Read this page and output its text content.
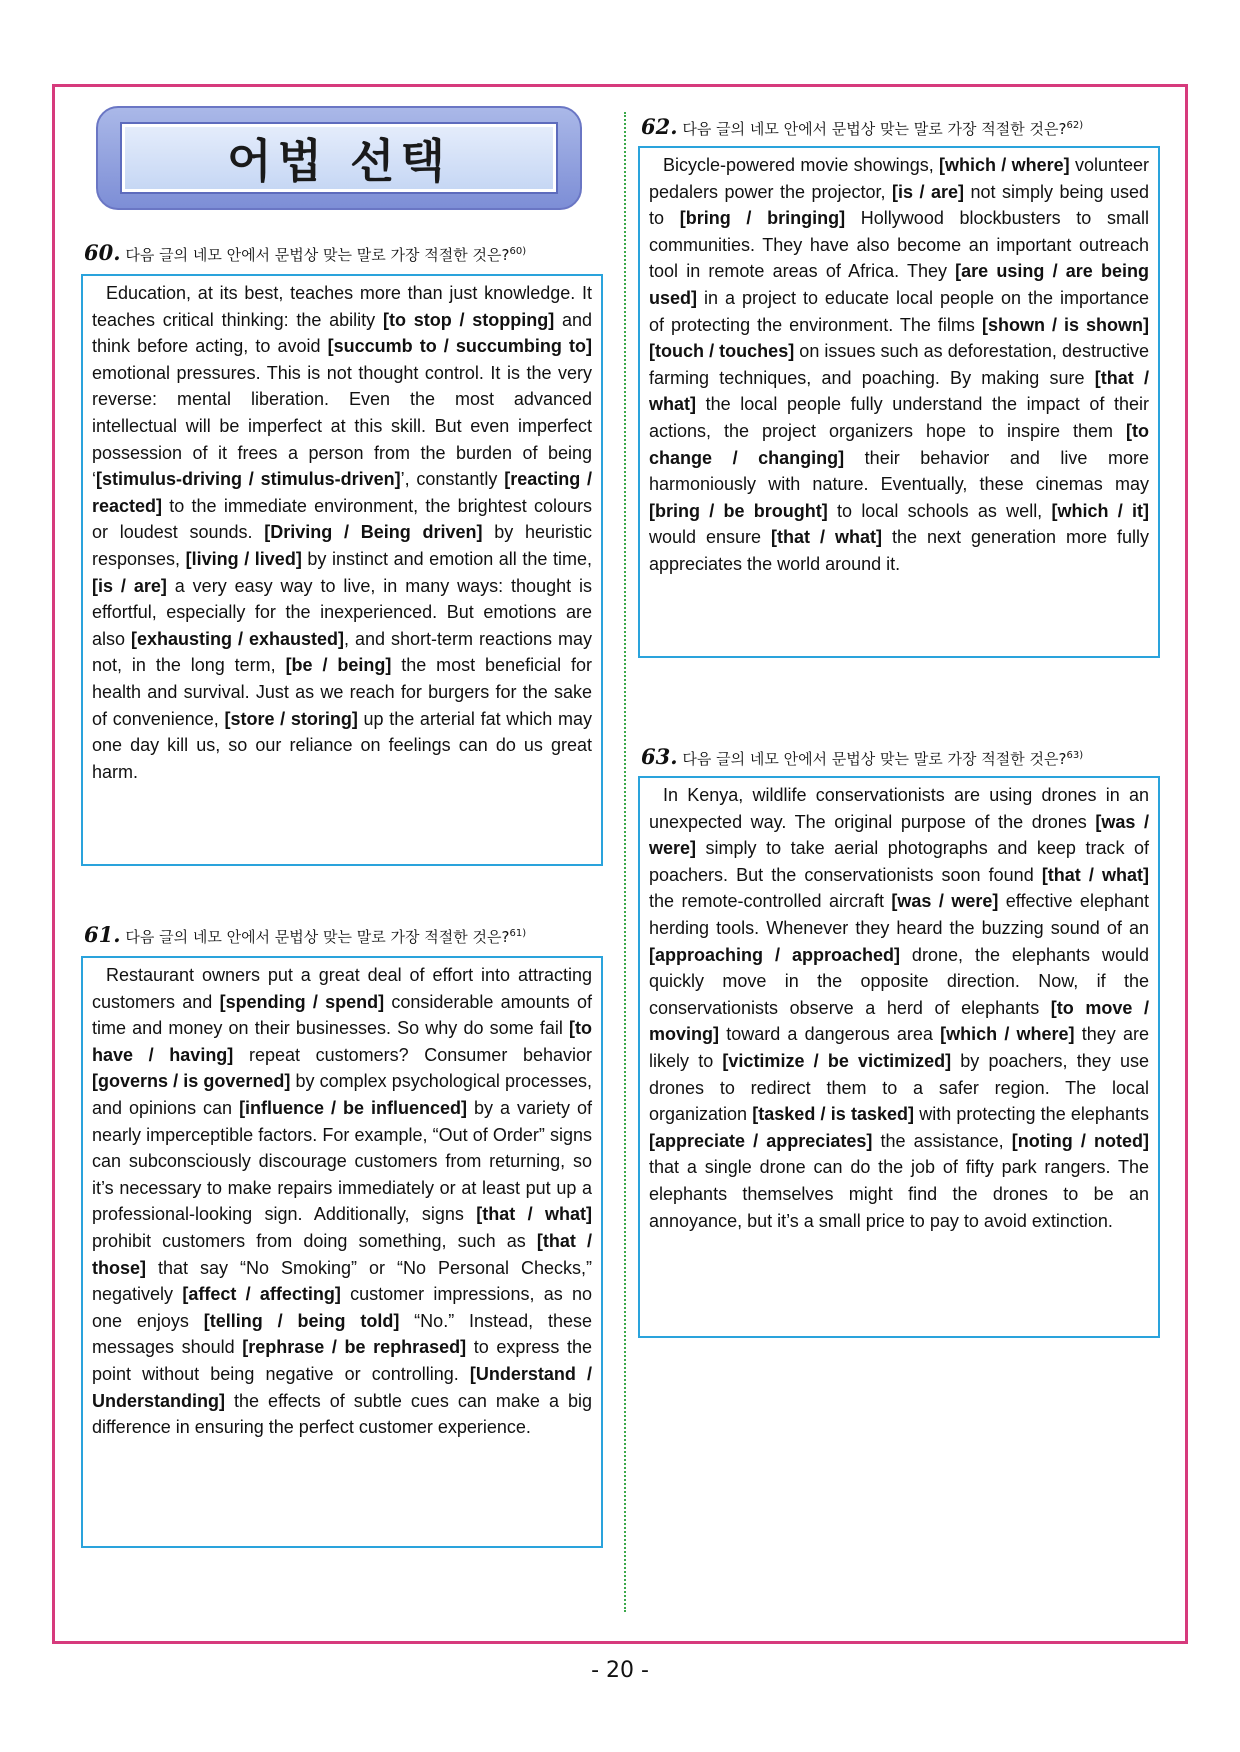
어법 선택
60. 다음 글의 네모 안에서 문법상 맞는 말로 가장 적절한 것은?$^{60)}$

Education, at its best, teaches more than just knowledge. It teaches critical thinking: the ability [to stop / stopping] and think before acting, to avoid [succumb to / succumbing to] emotional pressures. This is not thought control. It is the very reverse: mental liberation. Even the most advanced intellectual will be imperfect at this skill. But even imperfect possession of it frees a person from the burden of being ‘[stimulus-driving / stimulus-driven]’, constantly [reacting / reacted] to the immediate environment, the brightest colours or loudest sounds. [Driving / Being driven] by heuristic responses, [living / lived] by instinct and emotion all the time, [is / are] a very easy way to live, in many ways: thought is effortful, especially for the inexperienced. But emotions are also [exhausting / exhausted], and short-term reactions may not, in the long term, [be / being] the most beneficial for health and survival. Just as we reach for burgers for the sake of convenience, [store / storing] up the arterial fat which may one day kill us, so our reliance on feelings can do us great harm.

61. 다음 글의 네모 안에서 문법상 맞는 말로 가장 적절한 것은?$^{61)}$

Restaurant owners put a great deal of effort into attracting customers and [spending / spend] considerable amounts of time and money on their businesses. So why do some fail [to have / having] repeat customers? Consumer behavior [governs / is governed] by complex psychological processes, and opinions can [influence / be influenced] by a variety of nearly imperceptible factors. For example, “Out of Order” signs can subconsciously discourage customers from returning, so it’s necessary to make repairs immediately or at least put up a professional-looking sign. Additionally, signs [that / what] prohibit customers from doing something, such as [that / those] that say “No Smoking” or “No Personal Checks,” negatively [affect / affecting] customer impressions, as no one enjoys [telling / being told] “No.” Instead, these messages should [rephrase / be rephrased] to express the point without being negative or controlling. [Understand / Understanding] the effects of subtle cues can make a big difference in ensuring the perfect customer experience.

62. 다음 글의 네모 안에서 문법상 맞는 말로 가장 적절한 것은?$^{62)}$

Bicycle-powered movie showings, [which / where] volunteer pedalers power the projector, [is / are] not simply being used to [bring / bringing] Hollywood blockbusters to small communities. They have also become an important outreach tool in remote areas of Africa. They [are using / are being used] in a project to educate local people on the importance of protecting the environment. The films [shown / is shown] [touch / touches] on issues such as deforestation, destructive farming techniques, and poaching. By making sure [that / what] the local people fully understand the impact of their actions, the project organizers hope to inspire them [to change / changing] their behavior and live more harmoniously with nature. Eventually, these cinemas may [bring / be brought] to local schools as well, [which / it] would ensure [that / what] the next generation more fully appreciates the world around it.

63. 다음 글의 네모 안에서 문법상 맞는 말로 가장 적절한 것은?$^{63)}$

In Kenya, wildlife conservationists are using drones in an unexpected way. The original purpose of the drones [was / were] simply to take aerial photographs and keep track of poachers. But the conservationists soon found [that / what] the remote-controlled aircraft [was / were] effective elephant herding tools. Whenever they heard the buzzing sound of an [approaching / approached] drone, the elephants would quickly move in the opposite direction. Now, if the conservationists observe a herd of elephants [to move / moving] toward a dangerous area [which / where] they are likely to [victimize / be victimized] by poachers, they use drones to redirect them to a safer region. The local organization [tasked / is tasked] with protecting the elephants [appreciate / appreciates] the assistance, [noting / noted] that a single drone can do the job of fifty park rangers. The elephants themselves might find the drones to be an annoyance, but it’s a small price to pay to avoid extinction.

- 20 -
